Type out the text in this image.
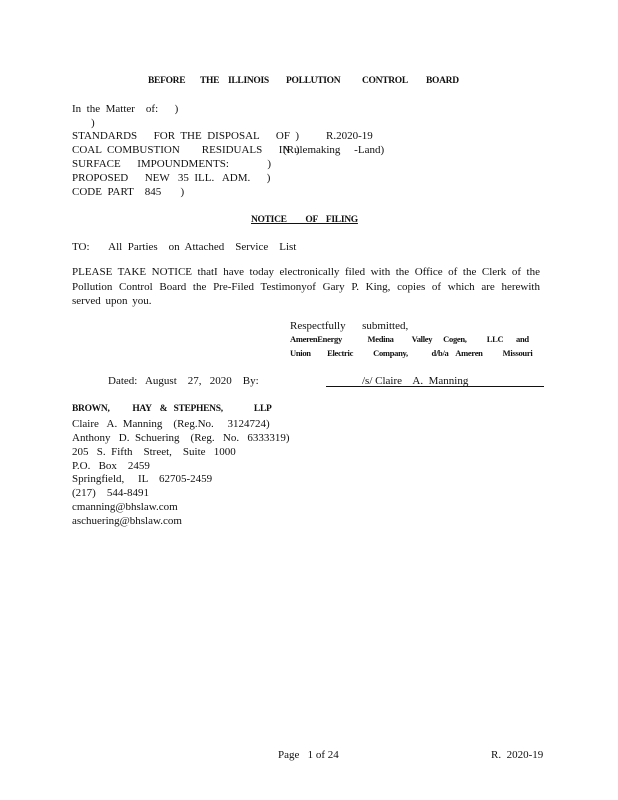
BEFORE THE ILLINOIS POLLUTION CONTROL BOARD
In  the  Matter    of:      )
)
STANDARDS      FOR  THE  DISPOSAL      OF  ) R.2020-19
COAL  COMBUSTION        RESIDUALS      IN  )
(Rulemaking     -Land)
SURFACE      IMPOUNDMENTS:              )
PROPOSED      NEW   35  ILL.   ADM.      )
CODE  PART    845       )
NOTICE         OF    FILING
TO:       All  Parties    on  Attached    Service    List
PLEASE TAKE NOTICE thatI have today electronically filed with the Office of the Clerk of the Pollution Control Board the Pre-Filed Testimonyof Gary P. King, copies of which are herewith served upon you.
Respectfully      submitted,
AmerenEnergy              Medina          Valley      Cogen,           LLC       and
Union         Electric           Company,             d/b/a    Ameren           Missouri
Dated:   August    27,   2020    By:	/s/ Claire    A.  Manning
BROWN,           HAY    &   STEPHENS,               LLP
Claire   A.  Manning    (Reg.No.     3124724)
Anthony   D.  Schuering    (Reg.   No.   6333319)
205   S.  Fifth    Street,    Suite   1000
P.O.   Box    2459
Springfield,     IL    62705-2459
(217)    544-8491
cmanning@bhslaw.com
aschuering@bhslaw.com
Page   1 of 24	R.  2020-19
